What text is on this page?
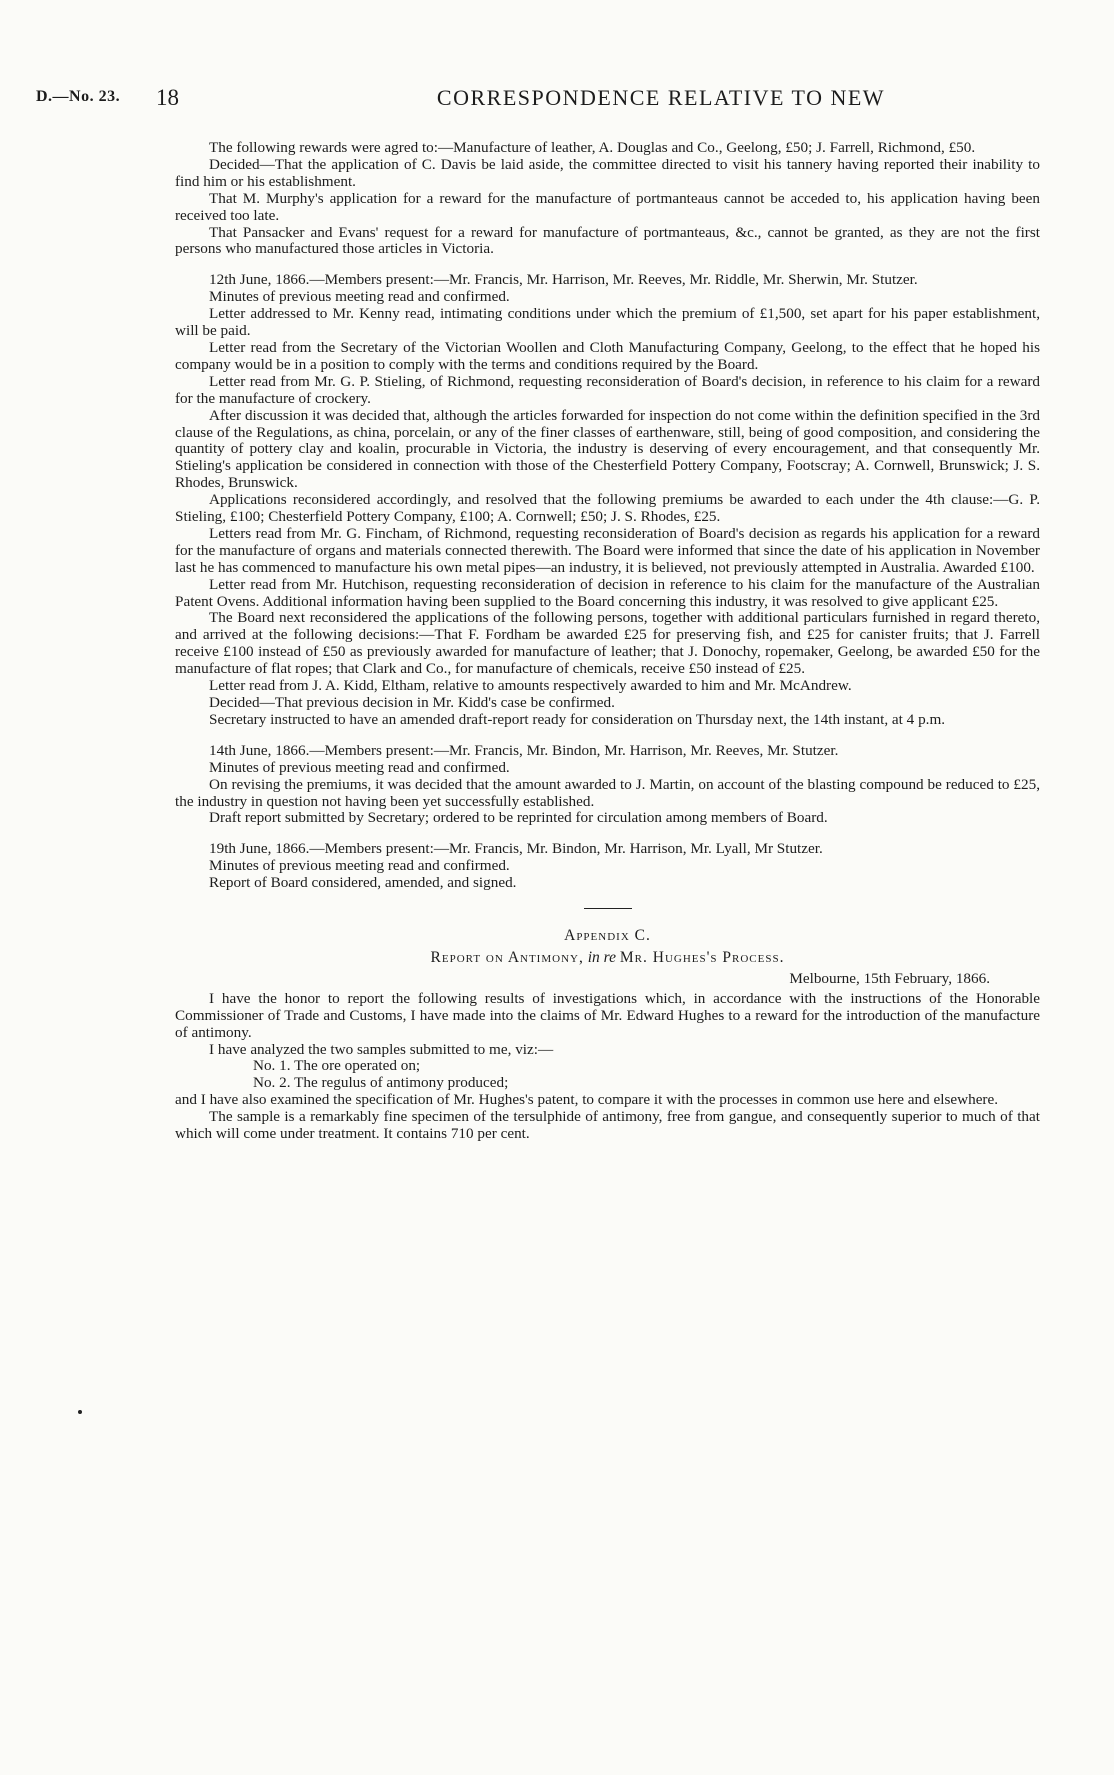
D.—No. 23. 18	CORRESPONDENCE RELATIVE TO NEW

The following rewards were agred to:—Manufacture of leather, A. Douglas and Co., Geelong, £50; J. Farrell, Richmond, £50.

Decided—That the application of C. Davis be laid aside, the committee directed to visit his tannery having reported their inability to find him or his establishment.

That M. Murphy's application for a reward for the manufacture of portmanteaus cannot be acceded to, his application having been received too late.

That Pansacker and Evans' request for a reward for manufacture of portmanteaus, &c., cannot be granted, as they are not the first persons who manufactured those articles in Victoria.

12th June, 1866.—Members present:—Mr. Francis, Mr. Harrison, Mr. Reeves, Mr. Riddle, Mr. Sherwin, Mr. Stutzer.

Minutes of previous meeting read and confirmed.

Letter addressed to Mr. Kenny read, intimating conditions under which the premium of £1,500, set apart for his paper establishment, will be paid.

Letter read from the Secretary of the Victorian Woollen and Cloth Manufacturing Company, Geelong, to the effect that he hoped his company would be in a position to comply with the terms and conditions required by the Board.

Letter read from Mr. G. P. Stieling, of Richmond, requesting reconsideration of Board's decision, in reference to his claim for a reward for the manufacture of crockery.

After discussion it was decided that, although the articles forwarded for inspection do not come within the definition specified in the 3rd clause of the Regulations, as china, porcelain, or any of the finer classes of earthenware, still, being of good composition, and considering the quantity of pottery clay and koalin, procurable in Victoria, the industry is deserving of every encouragement, and that consequently Mr. Stieling's application be considered in connection with those of the Chesterfield Pottery Company, Footscray; A. Cornwell, Brunswick; J. S. Rhodes, Brunswick.

Applications reconsidered accordingly, and resolved that the following premiums be awarded to each under the 4th clause:—G. P. Stieling, £100; Chesterfield Pottery Company, £100; A. Cornwell; £50; J. S. Rhodes, £25.

Letters read from Mr. G. Fincham, of Richmond, requesting reconsideration of Board's decision as regards his application for a reward for the manufacture of organs and materials connected therewith. The Board were informed that since the date of his application in November last he has commenced to manufacture his own metal pipes—an industry, it is believed, not previously attempted in Australia. Awarded £100.

Letter read from Mr. Hutchison, requesting reconsideration of decision in reference to his claim for the manufacture of the Australian Patent Ovens. Additional information having been supplied to the Board concerning this industry, it was resolved to give applicant £25.

The Board next reconsidered the applications of the following persons, together with additional particulars furnished in regard thereto, and arrived at the following decisions:—That F. Fordham be awarded £25 for preserving fish, and £25 for canister fruits; that J. Farrell receive £100 instead of £50 as previously awarded for manufacture of leather; that J. Donochy, ropemaker, Geelong, be awarded £50 for the manufacture of flat ropes; that Clark and Co., for manufacture of chemicals, receive £50 instead of £25.

Letter read from J. A. Kidd, Eltham, relative to amounts respectively awarded to him and Mr. McAndrew.

Decided—That previous decision in Mr. Kidd's case be confirmed.

Secretary instructed to have an amended draft-report ready for consideration on Thursday next, the 14th instant, at 4 p.m.

14th June, 1866.—Members present:—Mr. Francis, Mr. Bindon, Mr. Harrison, Mr. Reeves, Mr. Stutzer.

Minutes of previous meeting read and confirmed.

On revising the premiums, it was decided that the amount awarded to J. Martin, on account of the blasting compound be reduced to £25, the industry in question not having been yet successfully established.

Draft report submitted by Secretary; ordered to be reprinted for circulation among members of Board.

19th June, 1866.—Members present:—Mr. Francis, Mr. Bindon, Mr. Harrison, Mr. Lyall, Mr Stutzer.

Minutes of previous meeting read and confirmed.

Report of Board considered, amended, and signed.

Appendix C.

Report on Antimony, in re Mr. Hughes's Process.

Melbourne, 15th February, 1866.

I have the honor to report the following results of investigations which, in accordance with the instructions of the Honorable Commissioner of Trade and Customs, I have made into the claims of Mr. Edward Hughes to a reward for the introduction of the manufacture of antimony.

I have analyzed the two samples submitted to me, viz:—

No. 1. The ore operated on;

No. 2. The regulus of antimony produced;

and I have also examined the specification of Mr. Hughes's patent, to compare it with the processes in common use here and elsewhere.

The sample is a remarkably fine specimen of the tersulphide of antimony, free from gangue, and consequently superior to much of that which will come under treatment. It contains 710 per cent.
